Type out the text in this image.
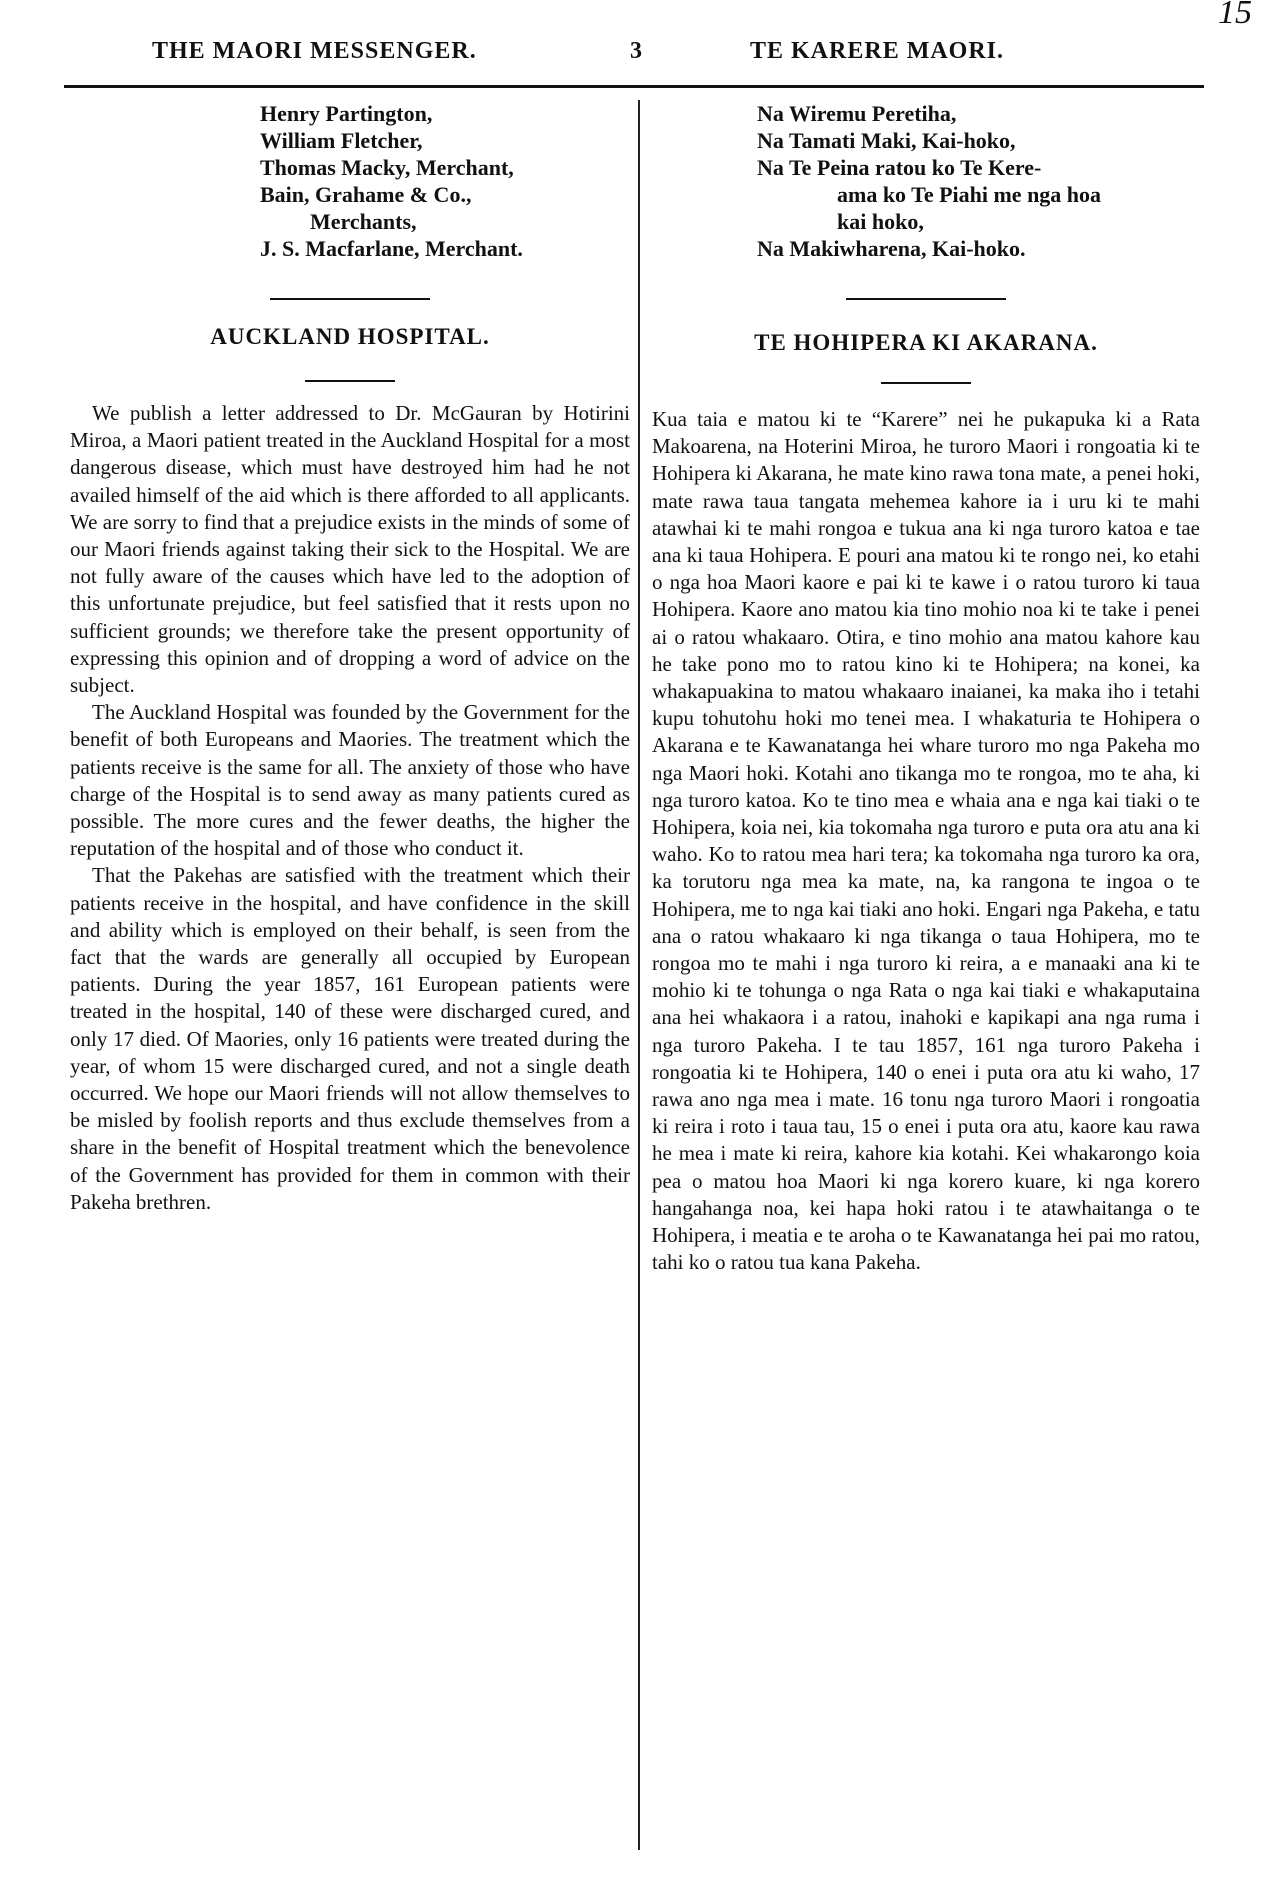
15
THE MAORI MESSENGER.	3	TE KARERE MAORI.
Henry Partington,
William Fletcher,
Thomas Macky, Merchant,
Bain, Grahame & Co.,
Merchants,
J. S. Macfarlane, Merchant.
AUCKLAND HOSPITAL.

We publish a letter addressed to Dr. McGauran by Hotirini Miroa, a Maori patient treated in the Auckland Hospital for a most dangerous disease, which must have destroyed him had he not availed himself of the aid which is there afforded to all applicants. We are sorry to find that a prejudice exists in the minds of some of our Maori friends against taking their sick to the Hospital. We are not fully aware of the causes which have led to the adoption of this unfortunate prejudice, but feel satisfied that it rests upon no sufficient grounds; we therefore take the present opportunity of expressing this opinion and of dropping a word of advice on the subject.

The Auckland Hospital was founded by the Government for the benefit of both Europeans and Maories. The treatment which the patients receive is the same for all. The anxiety of those who have charge of the Hospital is to send away as many patients cured as possible. The more cures and the fewer deaths, the higher the reputation of the hospital and of those who conduct it.

That the Pakehas are satisfied with the treatment which their patients receive in the hospital, and have confidence in the skill and ability which is employed on their behalf, is seen from the fact that the wards are generally all occupied by European patients. During the year 1857, 161 European patients were treated in the hospital, 140 of these were discharged cured, and only 17 died. Of Maories, only 16 patients were treated during the year, of whom 15 were discharged cured, and not a single death occurred. We hope our Maori friends will not allow themselves to be misled by foolish reports and thus exclude themselves from a share in the benefit of Hospital treatment which the benevolence of the Government has provided for them in common with their Pakeha brethren.

Na Wiremu Peretiha,
Na Tamati Maki, Kai-hoko,
Na Te Peina ratou ko Te Kere-
ama ko Te Piahi me nga hoa
kai hoko,
Na Makiwharena, Kai-hoko.
TE HOHIPERA KI AKARANA.

Kua taia e matou ki te “Karere” nei he pukapuka ki a Rata Makoarena, na Hoterini Miroa, he turoro Maori i rongoatia ki te Hohipera ki Akarana, he mate kino rawa tona mate, a penei hoki, mate rawa taua tangata mehemea kahore ia i uru ki te mahi atawhai ki te mahi rongoa e tukua ana ki nga turoro katoa e tae ana ki taua Hohipera. E pouri ana matou ki te rongo nei, ko etahi o nga hoa Maori kaore e pai ki te kawe i o ratou turoro ki taua Hohipera. Kaore ano matou kia tino mohio noa ki te take i penei ai o ratou whakaaro. Otira, e tino mohio ana matou kahore kau he take pono mo to ratou kino ki te Hohipera; na konei, ka whakapuakina to matou whakaaro inaianei, ka maka iho i tetahi kupu tohutohu hoki mo tenei mea. I whakaturia te Hohipera o Akarana e te Kawanatanga hei whare turoro mo nga Pakeha mo nga Maori hoki. Kotahi ano tikanga mo te rongoa, mo te aha, ki nga turoro katoa. Ko te tino mea e whaia ana e nga kai tiaki o te Hohipera, koia nei, kia tokomaha nga turoro e puta ora atu ana ki waho. Ko to ratou mea hari tera; ka tokomaha nga turoro ka ora, ka torutoru nga mea ka mate, na, ka rangona te ingoa o te Hohipera, me to nga kai tiaki ano hoki. Engari nga Pakeha, e tatu ana o ratou whakaaro ki nga tikanga o taua Hohipera, mo te rongoa mo te mahi i nga turoro ki reira, a e manaaki ana ki te mohio ki te tohunga o nga Rata o nga kai tiaki e whakaputaina ana hei whakaora i a ratou, inahoki e kapikapi ana nga ruma i nga turoro Pakeha. I te tau 1857, 161 nga turoro Pakeha i rongoatia ki te Hohipera, 140 o enei i puta ora atu ki waho, 17 rawa ano nga mea i mate. 16 tonu nga turoro Maori i rongoatia ki reira i roto i taua tau, 15 o enei i puta ora atu, kaore kau rawa he mea i mate ki reira, kahore kia kotahi. Kei whakarongo koia pea o matou hoa Maori ki nga korero kuare, ki nga korero hangahanga noa, kei hapa hoki ratou i te atawhaitanga o te Hohipera, i meatia e te aroha o te Kawanatanga hei pai mo ratou, tahi ko o ratou tua kana Pakeha.
